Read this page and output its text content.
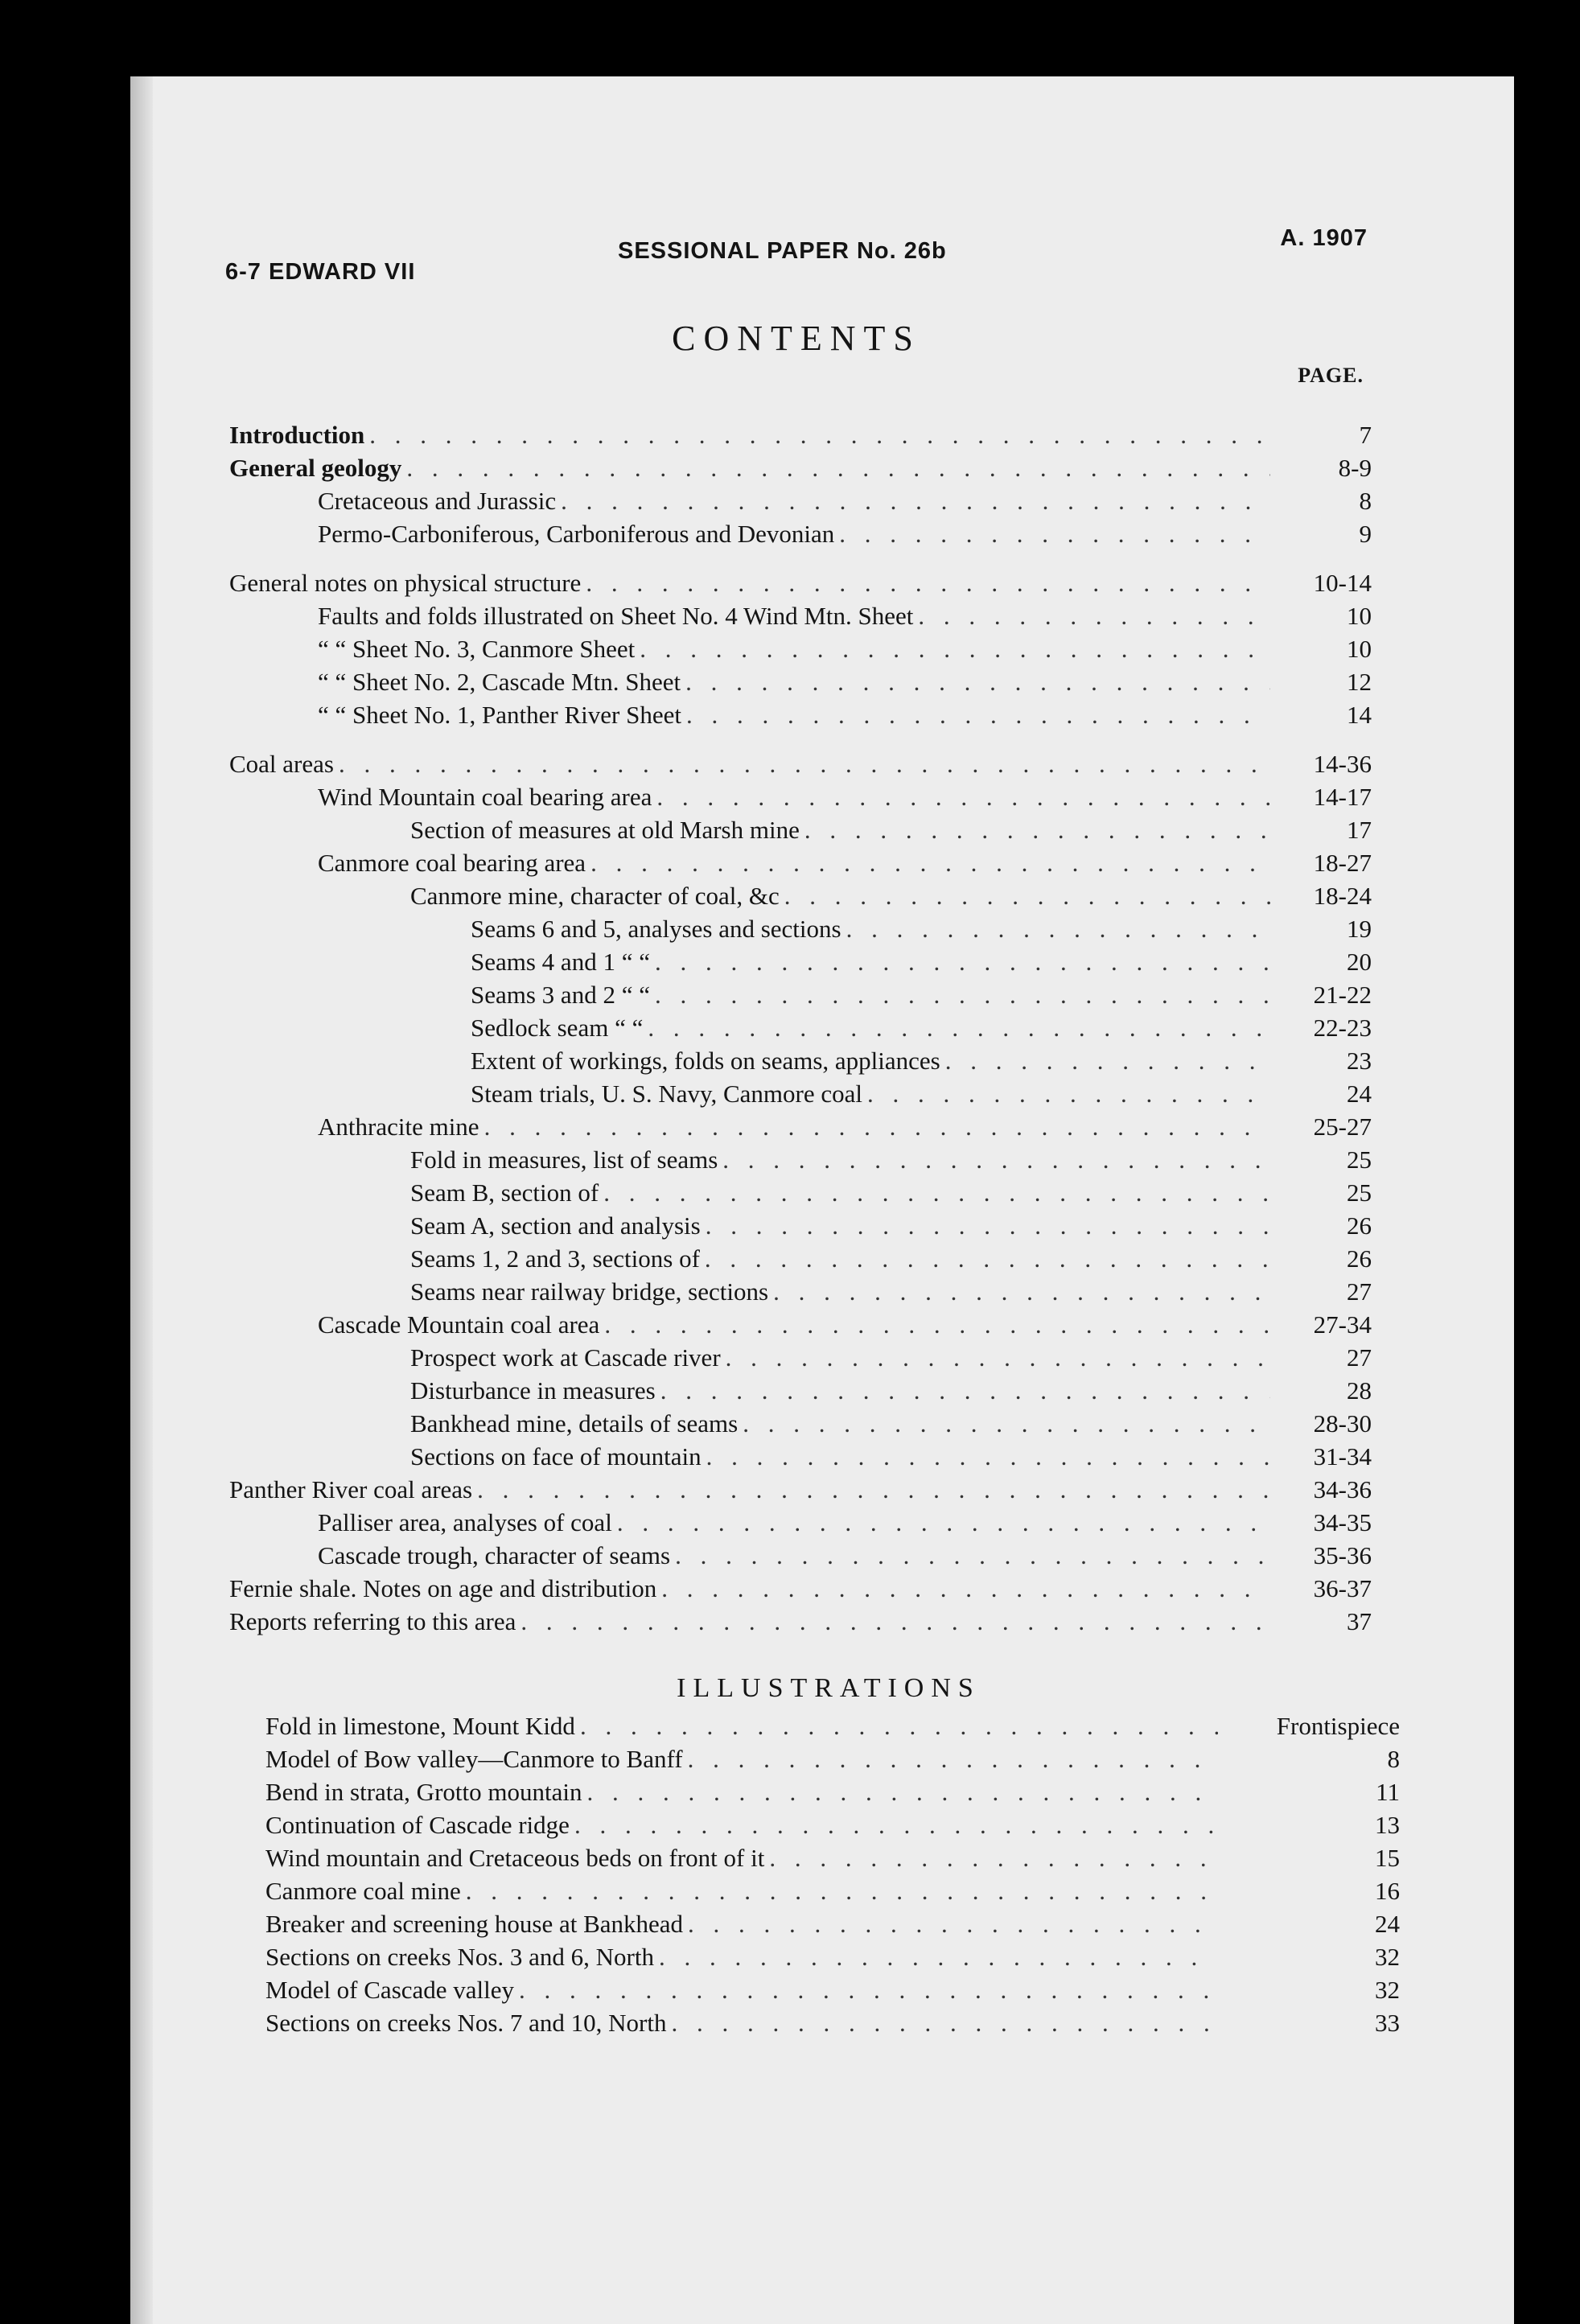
6-7 EDWARD VII
SESSIONAL PAPER No. 26b	A. 1907
CONTENTS
PAGE.
Introduction . . .	7
General geology . . .	8-9
Cretaceous and Jurassic . . .	8
Permo-Carboniferous, Carboniferous and Devonian . . .	9
General notes on physical structure . . .	10-14
Faults and folds illustrated on Sheet No. 4 Wind Mtn. Sheet . . .	10
“ “ Sheet No. 3, Canmore Sheet . . .	10
“ “ Sheet No. 2, Cascade Mtn. Sheet . . .	12
“ “ Sheet No. 1, Panther River Sheet . . .	14
Coal areas . . .	14-36
Wind Mountain coal bearing area . . .	14-17
Section of measures at old Marsh mine . . .	17
Canmore coal bearing area . . .	18-27
Canmore mine, character of coal, &c . . .	18-24
Seams 6 and 5, analyses and sections . . .	19
Seams 4 and 1 “ “ . . .	20
Seams 3 and 2 “ “ . . .	21-22
Sedlock seam “ “ . . .	22-23
Extent of workings, folds on seams, appliances . . .	23
Steam trials, U. S. Navy, Canmore coal . . .	24
Anthracite mine . . .	25-27
Fold in measures, list of seams . . .	25
Seam B, section of . . .	25
Seam A, section and analysis . . .	26
Seams 1, 2 and 3, sections of . . .	26
Seams near railway bridge, sections . . .	27
Cascade Mountain coal area . . .	27-34
Prospect work at Cascade river . . .	27
Disturbance in measures . . .	28
Bankhead mine, details of seams . . .	28-30
Sections on face of mountain . . .	31-34
Panther River coal areas . . .	34-36
Palliser area, analyses of coal . . .	34-35
Cascade trough, character of seams . . .	35-36
Fernie shale. Notes on age and distribution . . .	36-37
Reports referring to this area . . .	37
ILLUSTRATIONS
Fold in limestone, Mount Kidd . . .	Frontispiece
Model of Bow valley—Canmore to Banff . . .	8
Bend in strata, Grotto mountain . . .	11
Continuation of Cascade ridge . . .	13
Wind mountain and Cretaceous beds on front of it . . .	15
Canmore coal mine . . .	16
Breaker and screening house at Bankhead . . .	24
Sections on creeks Nos. 3 and 6, North . . .	32
Model of Cascade valley . . .	32
Sections on creeks Nos. 7 and 10, North . . .	33
